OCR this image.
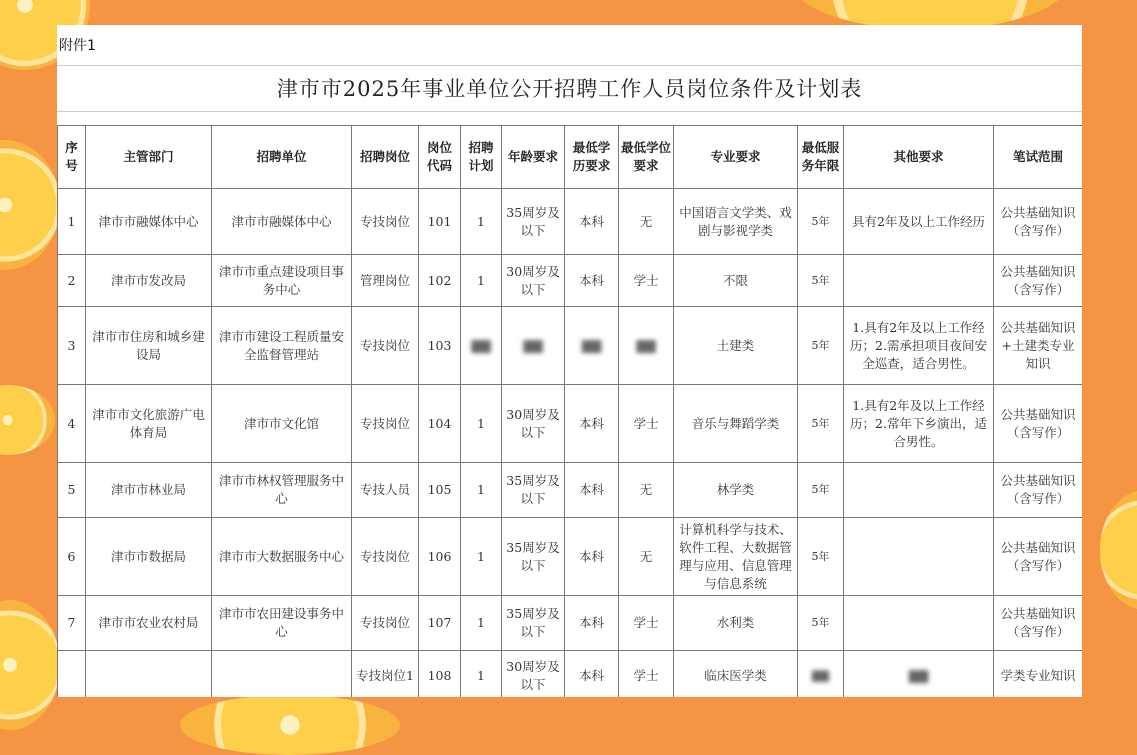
附件1
津市市2025年事业单位公开招聘工作人员岗位条件及计划表
序号	主管部门	招聘单位	招聘岗位	岗位代码	招聘计划	年龄要求	最低学历要求	最低学位要求	专业要求	最低服务年限	其他要求	笔试范围
1	津市市融媒体中心	津市市融媒体中心	专技岗位	101	1	35周岁及以下	本科	无	中国语言文学类、戏剧与影视学类	5年	具有2年及以上工作经历	公共基础知识（含写作）
2	津市市发改局	津市市重点建设项目事务中心	管理岗位	102	1	30周岁及以下	本科	学士	不限	5年		公共基础知识（含写作）
3	津市市住房和城乡建设局	津市市建设工程质量安全监督管理站	专技岗位	103	▇▇	▇▇	▇▇	▇▇	土建类	5年	1.具有2年及以上工作经历；2.需承担项目夜间安全巡查，适合男性。	公共基础知识+土建类专业知识
4	津市市文化旅游广电体育局	津市市文化馆	专技岗位	104	1	30周岁及以下	本科	学士	音乐与舞蹈学类	5年	1.具有2年及以上工作经历；2.常年下乡演出，适合男性。	公共基础知识（含写作）
5	津市市林业局	津市市林权管理服务中心	专技人员	105	1	35周岁及以下	本科	无	林学类	5年		公共基础知识（含写作）
6	津市市数据局	津市市大数据服务中心	专技岗位	106	1	35周岁及以下	本科	无	计算机科学与技术、软件工程、大数据管理与应用、信息管理与信息系统	5年		公共基础知识（含写作）
7	津市市农业农村局	津市市农田建设事务中心	专技岗位	107	1	35周岁及以下	本科	学士	水利类	5年		公共基础知识（含写作）
			专技岗位1	108	1	30周岁及以下	本科	学士	临床医学类	▇▇	▇▇	学类专业知识
